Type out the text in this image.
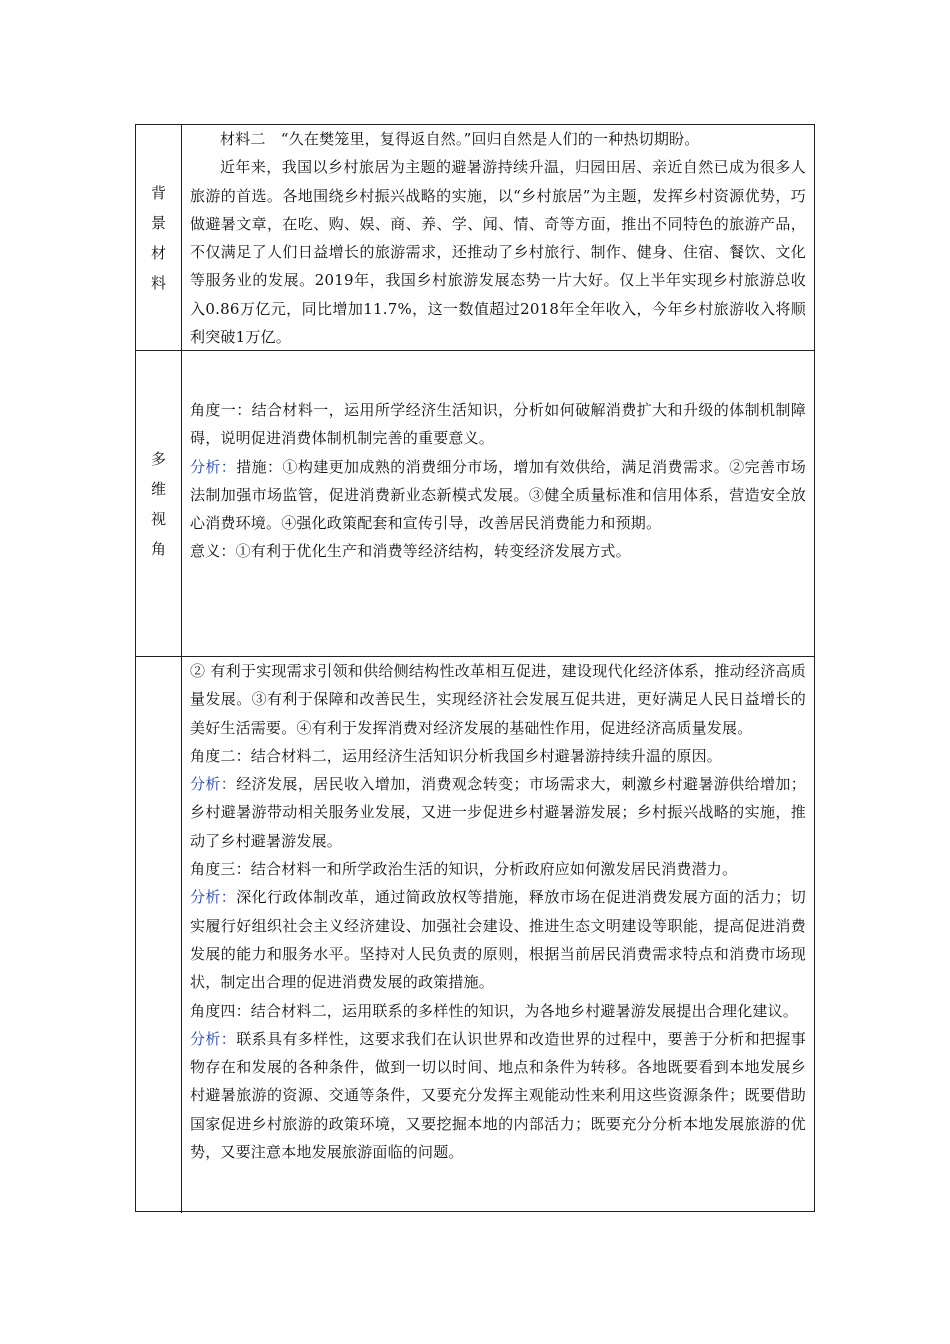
背
景
材
料

材料二　“久在樊笼里，复得返自然。”回归自然是人们的一种热切期盼。

近年来，我国以乡村旅居为主题的避暑游持续升温，归园田居、亲近自然已成为很多人旅游的首选。各地围绕乡村振兴战略的实施，以“乡村旅居”为主题，发挥乡村资源优势，巧做避暑文章，在吃、购、娱、商、养、学、闻、情、奇等方面，推出不同特色的旅游产品，不仅满足了人们日益增长的旅游需求，还推动了乡村旅行、制作、健身、住宿、餐饮、文化等服务业的发展。2019年，我国乡村旅游发展态势一片大好。仅上半年实现乡村旅游总收入0.86万亿元，同比增加11.7%，这一数值超过2018年全年收入，今年乡村旅游收入将顺利突破1万亿。

多
维
视
角

角度一：结合材料一，运用所学经济生活知识，分析如何破解消费扩大和升级的体制机制障碍，说明促进消费体制机制完善的重要意义。

分析：措施：①构建更加成熟的消费细分市场，增加有效供给，满足消费需求。②完善市场法制加强市场监管，促进消费新业态新模式发展。③健全质量标准和信用体系，营造安全放心消费环境。④强化政策配套和宣传引导，改善居民消费能力和预期。

意义：①有利于优化生产和消费等经济结构，转变经济发展方式。

② 有利于实现需求引领和供给侧结构性改革相互促进，建设现代化经济体系，推动经济高质量发展。③有利于保障和改善民生，实现经济社会发展互促共进，更好满足人民日益增长的美好生活需要。④有利于发挥消费对经济发展的基础性作用，促进经济高质量发展。

角度二：结合材料二，运用经济生活知识分析我国乡村避暑游持续升温的原因。

分析：经济发展，居民收入增加，消费观念转变；市场需求大，刺激乡村避暑游供给增加；乡村避暑游带动相关服务业发展，又进一步促进乡村避暑游发展；乡村振兴战略的实施，推动了乡村避暑游发展。

角度三：结合材料一和所学政治生活的知识，分析政府应如何激发居民消费潜力。

分析：深化行政体制改革，通过简政放权等措施，释放市场在促进消费发展方面的活力；切实履行好组织社会主义经济建设、加强社会建设、推进生态文明建设等职能，提高促进消费发展的能力和服务水平。坚持对人民负责的原则，根据当前居民消费需求特点和消费市场现状，制定出合理的促进消费发展的政策措施。

角度四：结合材料二，运用联系的多样性的知识，为各地乡村避暑游发展提出合理化建议。

分析：联系具有多样性，这要求我们在认识世界和改造世界的过程中，要善于分析和把握事物存在和发展的各种条件，做到一切以时间、地点和条件为转移。各地既要看到本地发展乡村避暑旅游的资源、交通等条件，又要充分发挥主观能动性来利用这些资源条件；既要借助国家促进乡村旅游的政策环境，又要挖掘本地的内部活力；既要充分分析本地发展旅游的优势，又要注意本地发展旅游面临的问题。
